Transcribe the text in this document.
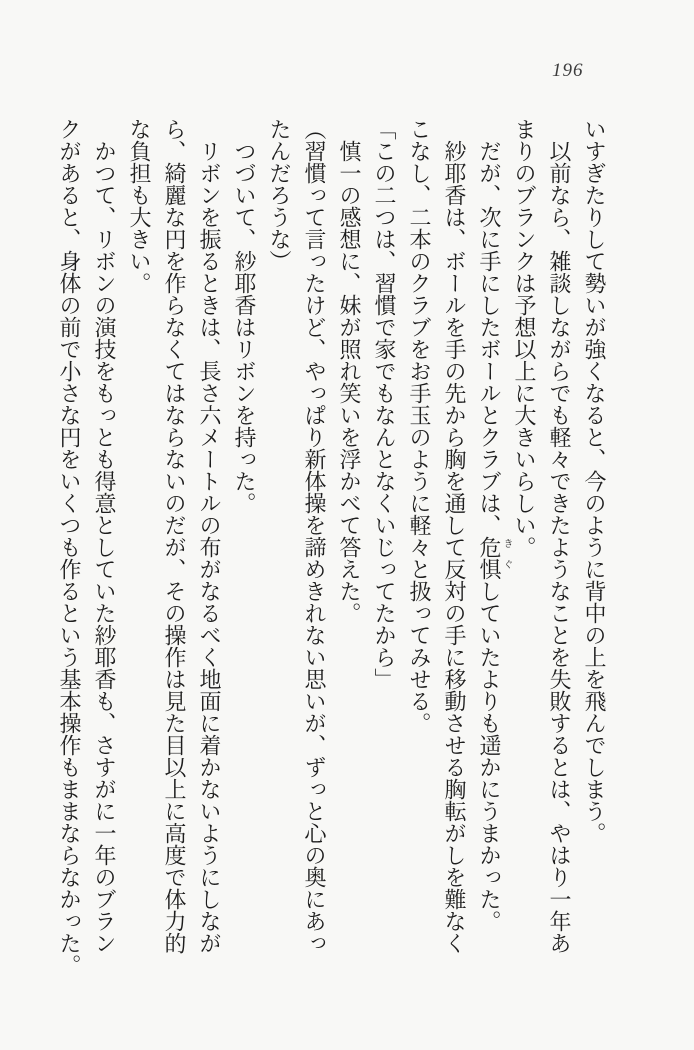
196
いすぎたりして勢いが強くなると、今のように背中の上を飛んでしまう。
以前なら、雑談しながらでも軽々できたようなことを失敗するとは、やはり一年あ
まりのブランクは予想以上に大きいらしい。
だが、次に手にしたボールとクラブは、危惧していたよりも遥かにうまかった。
紗耶香は、ボールを手の先から胸を通して反対の手に移動させる胸転がしを難なく
こなし、二本のクラブをお手玉のように軽々と扱ってみせる。
「この二つは、習慣で家でもなんとなくいじってたから」
慎一の感想に、妹が照れ笑いを浮かべて答えた。
（習慣って言ったけど、やっぱり新体操を諦めきれない思いが、ずっと心の奥にあっ
たんだろうな）
つづいて、紗耶香はリボンを持った。
リボンを振るときは、長さ六メートルの布がなるべく地面に着かないようにしなが
ら、綺麗な円を作らなくてはならないのだが、その操作は見た目以上に高度で体力的
な負担も大きい。
かつて、リボンの演技をもっとも得意としていた紗耶香も、さすがに一年のブラン
クがあると、身体の前で小さな円をいくつも作るという基本操作もままならなかった。	きぐ
